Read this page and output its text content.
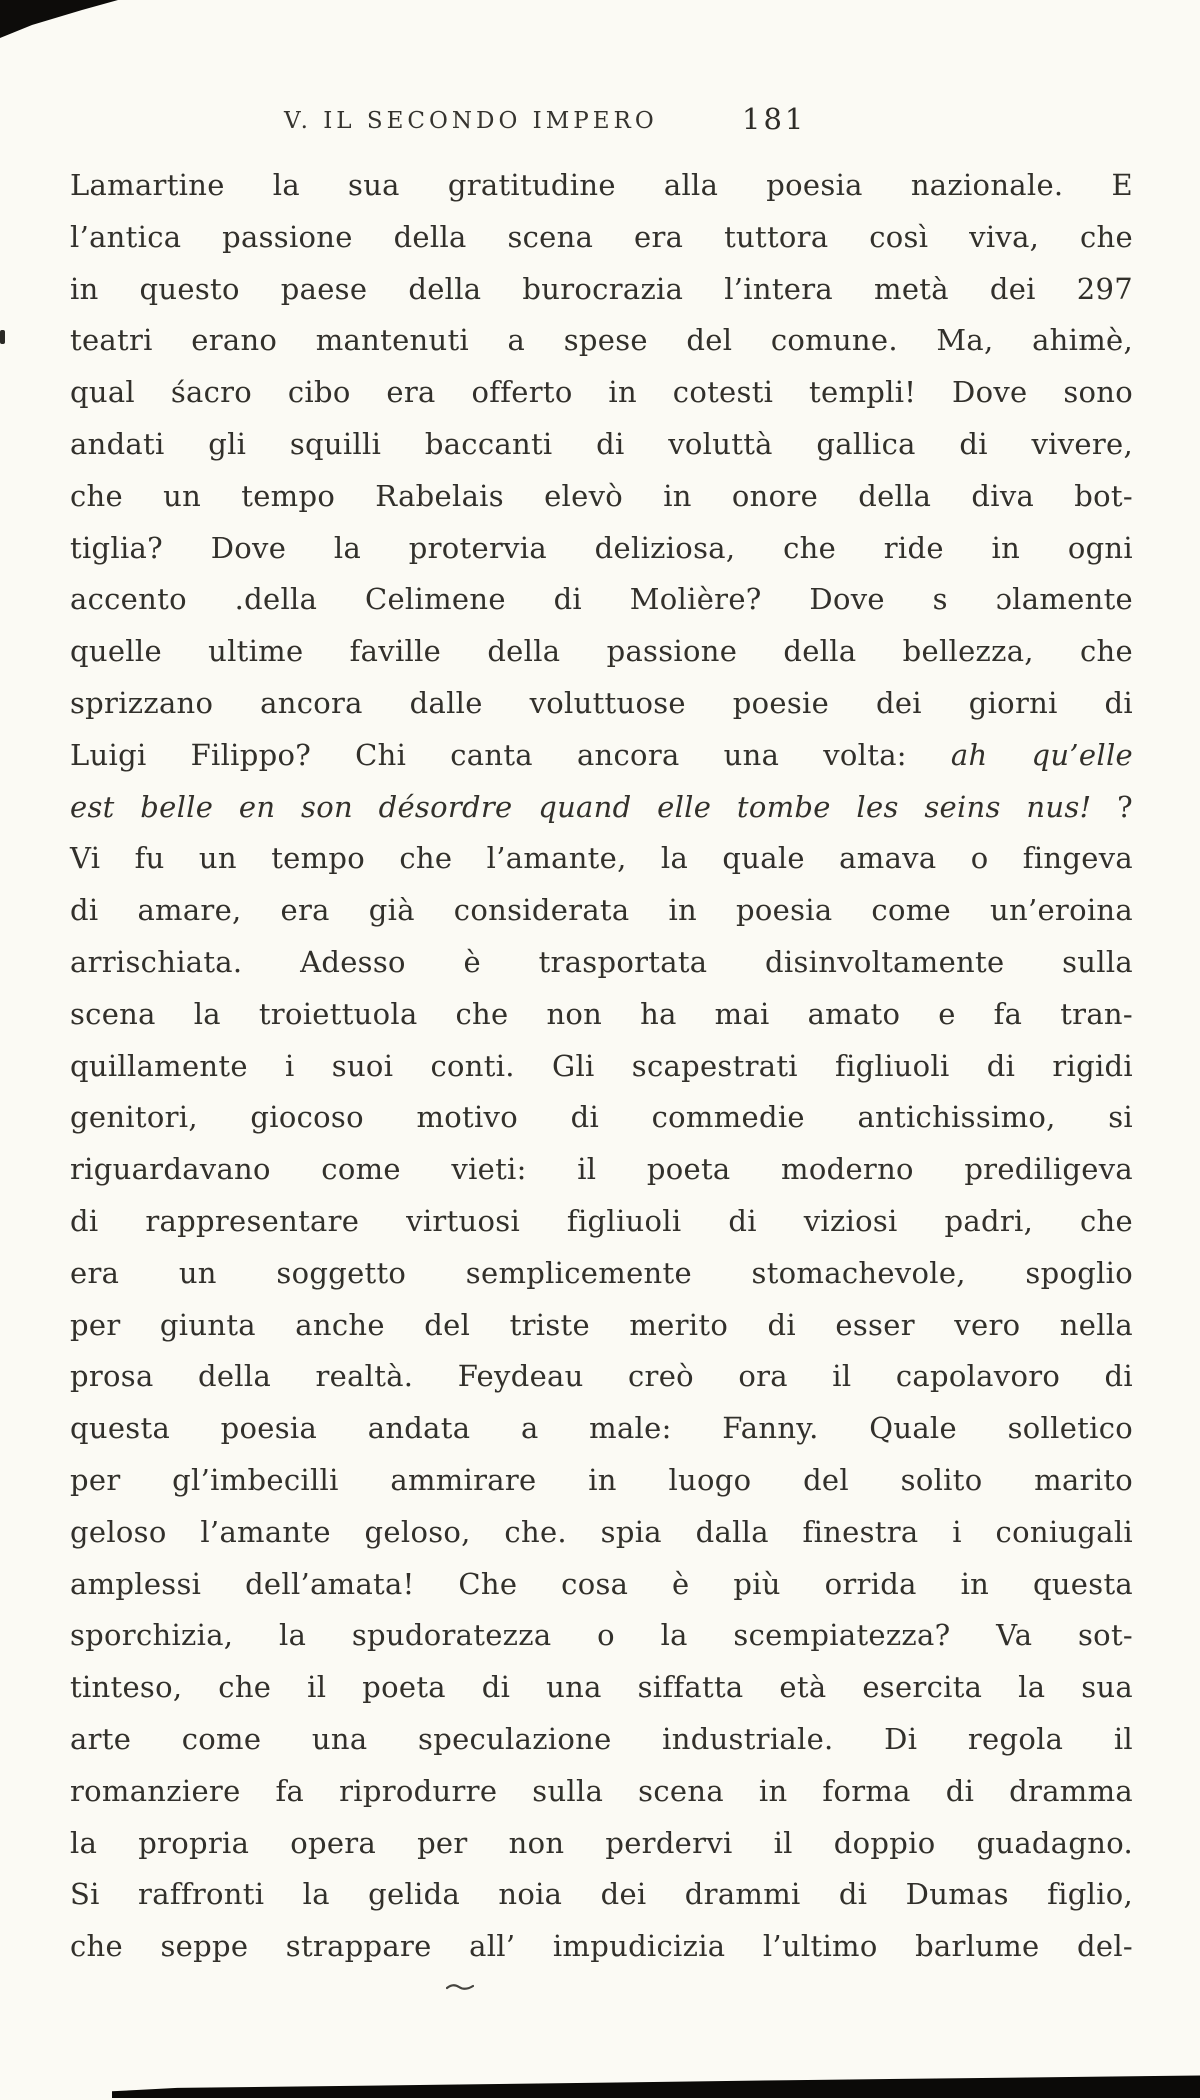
V. IL SECONDO IMPERO	181
Lamartine la sua gratitudine alla poesia nazionale. E
l’antica passione della scena era tuttora così viva, che
in questo paese della burocrazia l’intera metà dei 297
teatri erano mantenuti a spese del comune. Ma, ahimè,
qual śacro cibo era offerto in cotesti templi! Dove sono
andati gli squilli baccanti di voluttà gallica di vivere,
che un tempo Rabelais elevò in onore della diva bot-
tiglia? Dove la protervia deliziosa, che ride in ogni
accento .della Celimene di Molière? Dove s ɔlamente
quelle ultime faville della passione della bellezza, che
sprizzano ancora dalle voluttuose poesie dei giorni di
Luigi Filippo? Chi canta ancora una volta: ah qu’elle
est belle en son désordre quand elle tombe les seins nus! ?
Vi fu un tempo che l’amante, la quale amava o fingeva
di amare, era già considerata in poesia come un’eroina
arrischiata. Adesso è trasportata disinvoltamente sulla
scena la troiettuola che non ha mai amato e fa tran-
quillamente i suoi conti. Gli scapestrati figliuoli di rigidi
genitori, giocoso motivo di commedie antichissimo, si
riguardavano come vieti: il poeta moderno prediligeva
di rappresentare virtuosi figliuoli di viziosi padri, che
era un soggetto semplicemente stomachevole, spoglio
per giunta anche del triste merito di esser vero nella
prosa della realtà. Feydeau creò ora il capolavoro di
questa poesia andata a male: Fanny. Quale solletico
per gl’imbecilli ammirare in luogo del solito marito
geloso l’amante geloso, che. spia dalla finestra i coniugali
amplessi dell’amata! Che cosa è più orrida in questa
sporchizia, la spudoratezza o la scempiatezza? Va sot-
tinteso, che il poeta di una siffatta età esercita la sua
arte come una speculazione industriale. Di regola il
romanziere fa riprodurre sulla scena in forma di dramma
la propria opera per non perdervi il doppio guadagno.
Si raffronti la gelida noia dei drammi di Dumas figlio,
che seppe strappare all’ impudicizia l’ultimo barlume del-
